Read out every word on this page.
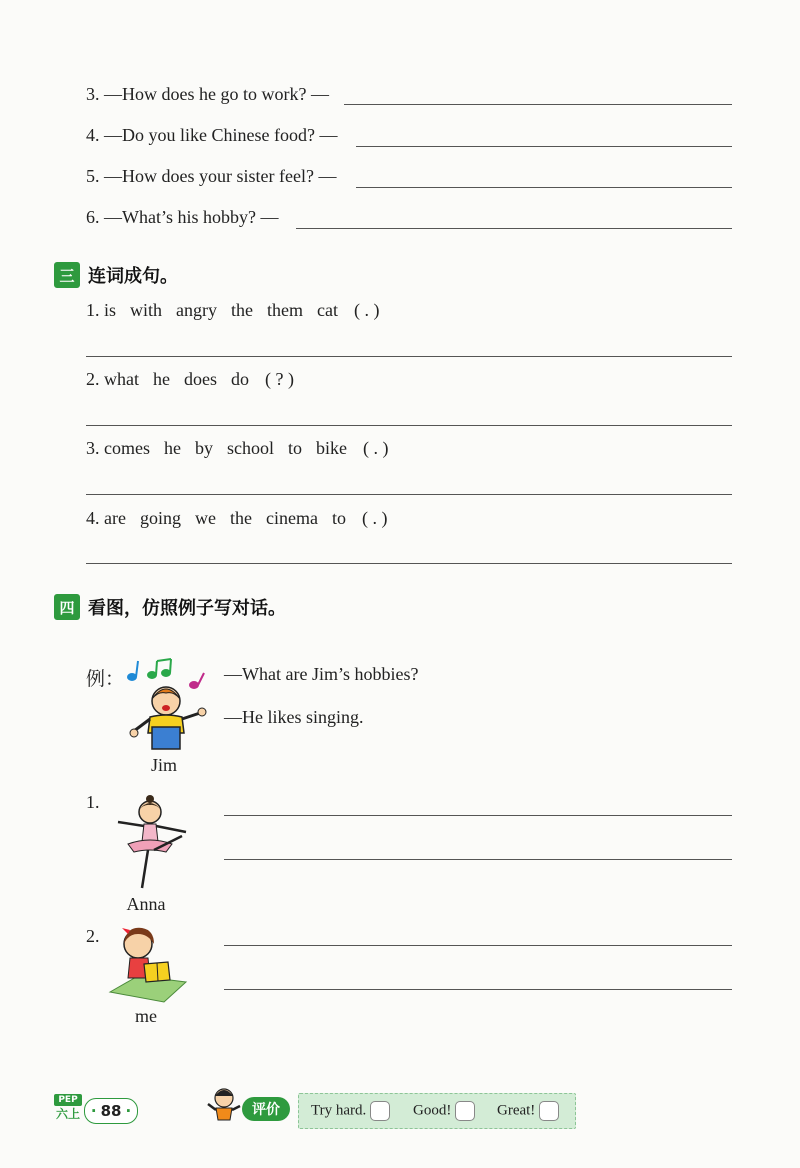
3. —How does he go to work? —
4. —Do you like Chinese food? —
5. —How does your sister feel? —
6. —What’s his hobby? —
三 连词成句。
1. is with angry the them cat ( . )
2. what he does do ( ? )
3. comes he by school to bike ( . )
4. are going we the cinema to ( . )
四 看图，仿照例子写对话。
例：	—What are Jim’s hobbies?
—He likes singing.
Jim
1.
Anna
2.
me
PEP
六上 · 88 ·	评价	Try hard.	Good!	Great!
